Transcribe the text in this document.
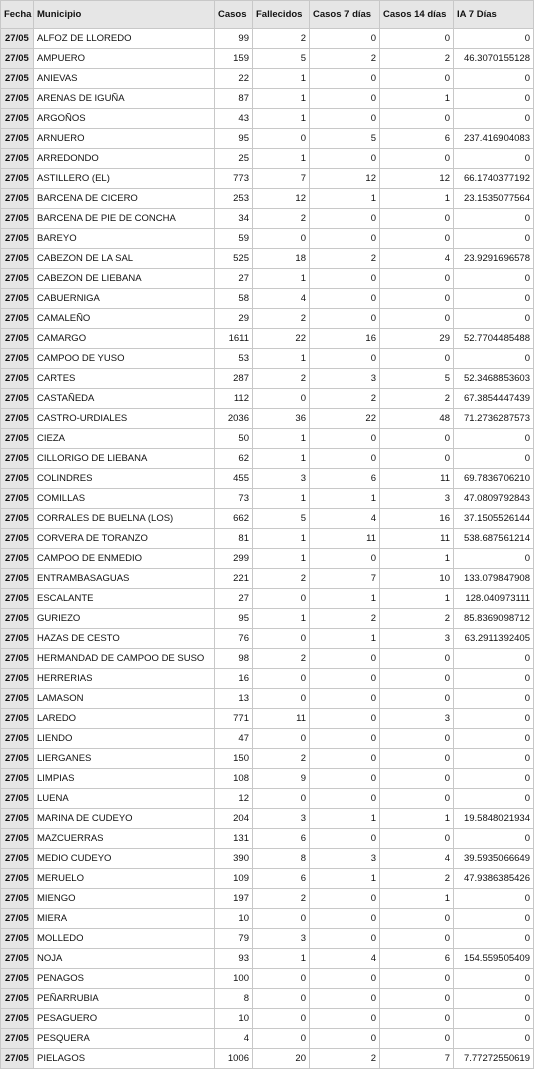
Fecha	Municipio	Casos	Fallecidos	Casos 7 días	Casos 14 días	IA 7 Días
27/05	ALFOZ DE LLOREDO	99	2	0	0	0
27/05	AMPUERO	159	5	2	2	46.3070155128
27/05	ANIEVAS	22	1	0	0	0
27/05	ARENAS DE IGUÑA	87	1	0	1	0
27/05	ARGOÑOS	43	1	0	0	0
27/05	ARNUERO	95	0	5	6	237.416904083
27/05	ARREDONDO	25	1	0	0	0
27/05	ASTILLERO (EL)	773	7	12	12	66.1740377192
27/05	BARCENA DE CICERO	253	12	1	1	23.1535077564
27/05	BARCENA DE PIE DE CONCHA	34	2	0	0	0
27/05	BAREYO	59	0	0	0	0
27/05	CABEZON DE LA SAL	525	18	2	4	23.9291696578
27/05	CABEZON DE LIEBANA	27	1	0	0	0
27/05	CABUERNIGA	58	4	0	0	0
27/05	CAMALEÑO	29	2	0	0	0
27/05	CAMARGO	1611	22	16	29	52.7704485488
27/05	CAMPOO DE YUSO	53	1	0	0	0
27/05	CARTES	287	2	3	5	52.3468853603
27/05	CASTAÑEDA	112	0	2	2	67.3854447439
27/05	CASTRO-URDIALES	2036	36	22	48	71.2736287573
27/05	CIEZA	50	1	0	0	0
27/05	CILLORIGO DE LIEBANA	62	1	0	0	0
27/05	COLINDRES	455	3	6	11	69.7836706210
27/05	COMILLAS	73	1	1	3	47.0809792843
27/05	CORRALES DE BUELNA (LOS)	662	5	4	16	37.1505526144
27/05	CORVERA DE TORANZO	81	1	11	11	538.687561214
27/05	CAMPOO DE ENMEDIO	299	1	0	1	0
27/05	ENTRAMBASAGUAS	221	2	7	10	133.079847908
27/05	ESCALANTE	27	0	1	1	128.040973111
27/05	GURIEZO	95	1	2	2	85.8369098712
27/05	HAZAS DE CESTO	76	0	1	3	63.2911392405
27/05	HERMANDAD DE CAMPOO DE SUSO	98	2	0	0	0
27/05	HERRERIAS	16	0	0	0	0
27/05	LAMASON	13	0	0	0	0
27/05	LAREDO	771	11	0	3	0
27/05	LIENDO	47	0	0	0	0
27/05	LIERGANES	150	2	0	0	0
27/05	LIMPIAS	108	9	0	0	0
27/05	LUENA	12	0	0	0	0
27/05	MARINA DE CUDEYO	204	3	1	1	19.5848021934
27/05	MAZCUERRAS	131	6	0	0	0
27/05	MEDIO CUDEYO	390	8	3	4	39.5935066649
27/05	MERUELO	109	6	1	2	47.9386385426
27/05	MIENGO	197	2	0	1	0
27/05	MIERA	10	0	0	0	0
27/05	MOLLEDO	79	3	0	0	0
27/05	NOJA	93	1	4	6	154.559505409
27/05	PENAGOS	100	0	0	0	0
27/05	PEÑARRUBIA	8	0	0	0	0
27/05	PESAGUERO	10	0	0	0	0
27/05	PESQUERA	4	0	0	0	0
27/05	PIELAGOS	1006	20	2	7	7.77272550619
